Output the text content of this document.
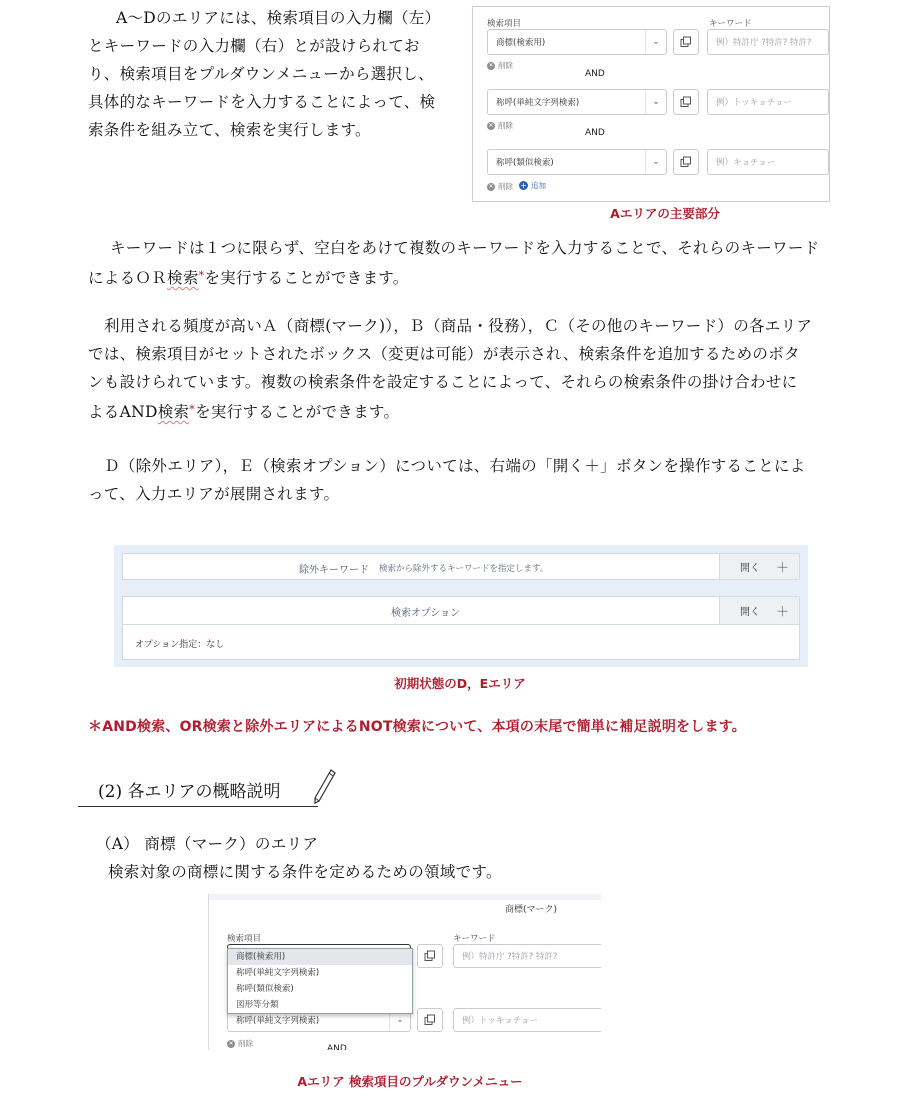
A〜Dのエリアには、検索項目の入力欄（左）
とキーワードの入力欄（右）とが設けられてお
り、検索項目をプルダウンメニューから選択し、
具体的なキーワードを入力することによって、検
索条件を組み立て、検索を実行します。
検索項目	キーワード
商標(検索用)	⌄	例）特許庁 ?特許? 特許?
✕ 削除
AND
称呼(単純文字列検索)	⌄	例）トッキョチョー
✕ 削除
AND
称呼(類似検索)	⌄	例）キョチョー
✕ 削除 + 追加
Aエリアの主要部分
キーワードは１つに限らず、空白をあけて複数のキーワードを入力することで、それらのキーワード
によるＯＲ検索*を実行することができます。
利用される頻度が高いＡ（商標(マーク)），Ｂ（商品・役務），Ｃ（その他のキーワード）の各エリア
では、検索項目がセットされたボックス（変更は可能）が表示され、検索条件を追加するためのボタ
ンも設けられています。複数の検索条件を設定することによって、それらの検索条件の掛け合わせに
よるAND検索*を実行することができます。
Ｄ（除外エリア），Ｅ（検索オプション）については、右端の「開く＋」ボタンを操作することによ
って、入力エリアが展開されます。
除外キーワード 検索から除外するキーワードを指定します。	開く ＋
検索オプション	開く ＋
オプション指定：なし
初期状態のD，Eエリア
＊AND検索、OR検索と除外エリアによるNOT検索について、本項の末尾で簡単に補足説明をします。
(2) 各エリアの概略説明
（A） 商標（マーク）のエリア
検索対象の商標に関する条件を定めるための領域です。
商標(マーク)
検索項目	キーワード
例）特許庁 ?特許? 特許?
称呼(単純文字列検索)	⌄	例）トッキョチョー
✕ 削除
AND
商標(検索用)
称呼(単純文字列検索)
称呼(類似検索)
図形等分類
Aエリア 検索項目のプルダウンメニュー
